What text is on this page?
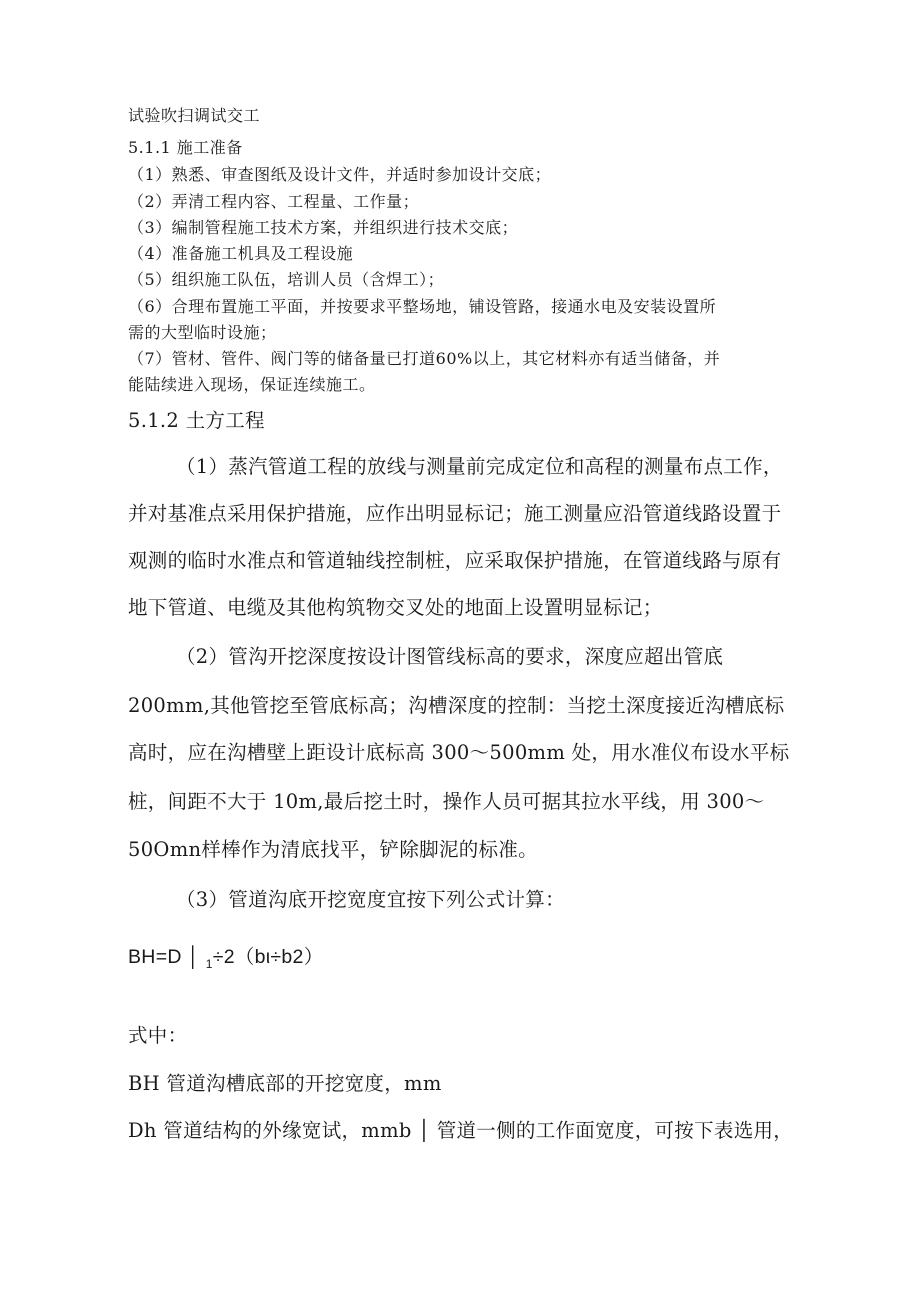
试验吹扫调试交工
5.1.1 施工准备
（1）熟悉、审查图纸及设计文件，并适时参加设计交底；
（2）弄清工程内容、工程量、工作量；
（3）编制管程施工技术方案，并组织进行技术交底；
（4）准备施工机具及工程设施
（5）组织施工队伍，培训人员（含焊工）；
（6）合理布置施工平面，并按要求平整场地，铺设管路，接通水电及安装设置所
需的大型临时设施；
（7）管材、管件、阀门等的储备量已打道60%以上，其它材料亦有适当储备，并
能陆续进入现场，保证连续施工。
5.1.2 土方工程
（1）蒸汽管道工程的放线与测量前完成定位和高程的测量布点工作，
并对基准点采用保护措施，应作出明显标记；施工测量应沿管道线路设置于
观测的临时水准点和管道轴线控制桩，应采取保护措施，在管道线路与原有
地下管道、电缆及其他构筑物交叉处的地面上设置明显标记；
（2）管沟开挖深度按设计图管线标高的要求，深度应超出管底
200mm,其他管挖至管底标高；沟槽深度的控制：当挖土深度接近沟槽底标
高时，应在沟槽壁上距设计底标高 300～500mm 处，用水准仪布设水平标
桩，间距不大于 10m,最后挖土时，操作人员可据其拉水平线，用 300～
50Omn样棒作为清底找平，铲除脚泥的标准。
（3）管道沟底开挖宽度宜按下列公式计算：
BH=D │ $_1$÷2（bι÷b2）
式中：
BH 管道沟槽底部的开挖宽度，mm
Dh 管道结构的外缘宽试，mmb │ 管道一侧的工作面宽度，可按下表选用，
